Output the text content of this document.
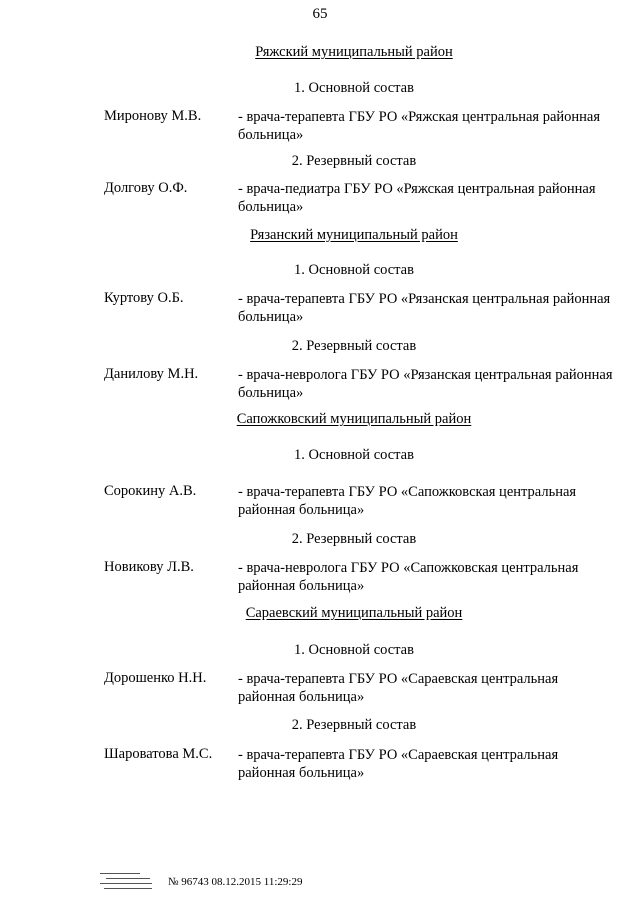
65
Ряжский муниципальный район
1. Основной состав
Миронову М.В.	- врача-терапевта ГБУ РО «Ряжская центральная районная больница»
2. Резервный состав
Долгову О.Ф.	- врача-педиатра ГБУ РО «Ряжская центральная районная больница»
Рязанский муниципальный район
1. Основной состав
Куртову О.Б.	- врача-терапевта ГБУ РО «Рязанская центральная районная больница»
2. Резервный состав
Данилову М.Н.	- врача-невролога ГБУ РО «Рязанская центральная районная больница»
Сапожковский муниципальный район
1. Основной состав
Сорокину А.В.	- врача-терапевта ГБУ РО «Сапожковская центральная районная больница»
2. Резервный состав
Новикову Л.В.	- врача-невролога ГБУ РО «Сапожковская центральная районная больница»
Сараевский муниципальный район
1. Основной состав
Дорошенко Н.Н. - врача-терапевта ГБУ РО «Сараевская центральная районная больница»
2. Резервный состав
Шароватова М.С. - врача-терапевта ГБУ РО «Сараевская центральная районная больница»
№ 96743 08.12.2015 11:29:29
